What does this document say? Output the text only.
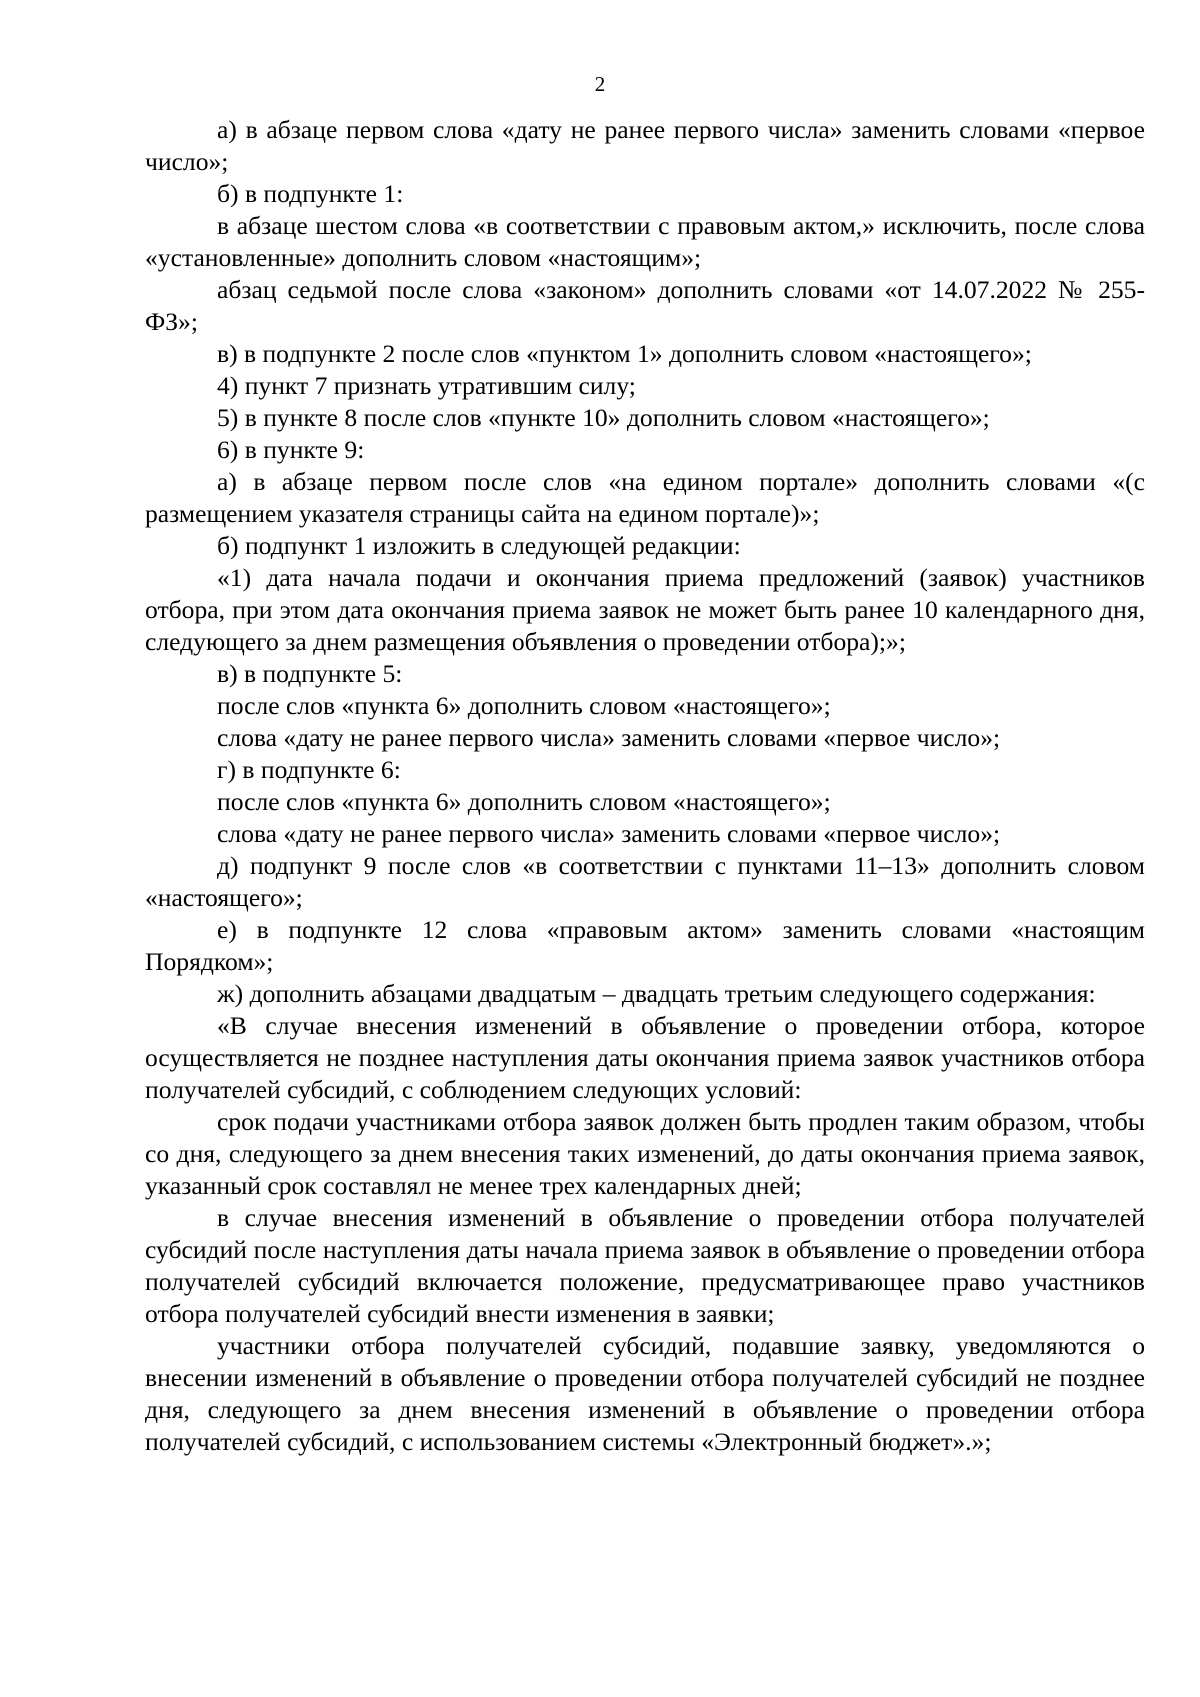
2

а) в абзаце первом слова «дату не ранее первого числа» заменить словами «первое число»;

б) в подпункте 1:

в абзаце шестом слова «в соответствии с правовым актом,» исключить, после слова «установленные» дополнить словом «настоящим»;

абзац седьмой после слова «законом» дополнить словами «от 14.07.2022 № 255-ФЗ»;

в) в подпункте 2 после слов «пунктом 1» дополнить словом «настоящего»;

4) пункт 7 признать утратившим силу;

5) в пункте 8 после слов «пункте 10» дополнить словом «настоящего»;

6) в пункте 9:

а) в абзаце первом после слов «на едином портале» дополнить словами «(с размещением указателя страницы сайта на едином портале)»;

б) подпункт 1 изложить в следующей редакции:

«1) дата начала подачи и окончания приема предложений (заявок) участников отбора, при этом дата окончания приема заявок не может быть ранее 10 календарного дня, следующего за днем размещения объявления о проведении отбора);»;

в) в подпункте 5:

после слов «пункта 6» дополнить словом «настоящего»;

слова «дату не ранее первого числа» заменить словами «первое число»;

г) в подпункте 6:

после слов «пункта 6» дополнить словом «настоящего»;

слова «дату не ранее первого числа» заменить словами «первое число»;

д) подпункт 9 после слов «в соответствии с пунктами 11–13» дополнить словом «настоящего»;

е) в подпункте 12 слова «правовым актом» заменить словами «настоящим Порядком»;

ж) дополнить абзацами двадцатым – двадцать третьим следующего содержания:

«В случае внесения изменений в объявление о проведении отбора, которое осуществляется не позднее наступления даты окончания приема заявок участников отбора получателей субсидий, с соблюдением следующих условий:

срок подачи участниками отбора заявок должен быть продлен таким образом, чтобы со дня, следующего за днем внесения таких изменений, до даты окончания приема заявок, указанный срок составлял не менее трех календарных дней;

в случае внесения изменений в объявление о проведении отбора получателей субсидий после наступления даты начала приема заявок в объявление о проведении отбора получателей субсидий включается положение, предусматривающее право участников отбора получателей субсидий внести изменения в заявки;

участники отбора получателей субсидий, подавшие заявку, уведомляются о внесении изменений в объявление о проведении отбора получателей субсидий не позднее дня, следующего за днем внесения изменений в объявление о проведении отбора получателей субсидий, с использованием системы «Электронный бюджет».»;
